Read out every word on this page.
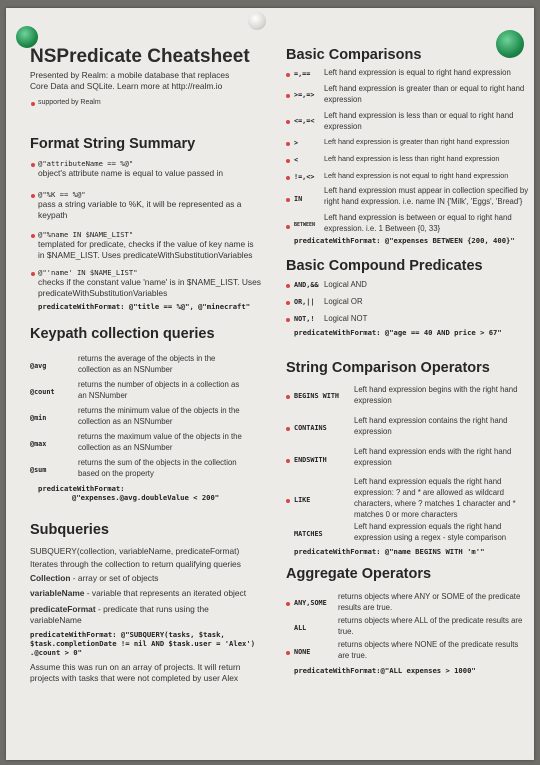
NSPredicate Cheatsheet
Presented by Realm: a mobile database that replaces
Core Data and SQLite. Learn more at http://realm.io
supported by Realm
Format String Summary
@"attributeName == %@"
object's attribute name is equal to value passed in
@"%K == %@"
pass a string variable to %K, it will be represented as a
keypath
@"%name IN $NAME_LIST"
templated for predicate, checks if the value of key name is
in $NAME_LIST. Uses predicateWithSubstitutionVariables
@"'name' IN $NAME_LIST"
checks if the constant value 'name' is in $NAME_LIST. Uses
predicateWithSubstitutionVariables
predicateWithFormat: @"title == %@", @"minecraft"
Keypath collection queries
@avg
returns the average of the objects in the
collection as an NSNumber
@count
returns the number of objects in a collection as
an NSNumber
@min
returns the minimum value of the objects in the
collection as an NSNumber
@max
returns the maximum value of the objects in the
collection as an NSNumber
@sum
returns the sum of the objects in the collection
based on the property
predicateWithFormat:
@"expenses.@avg.doubleValue < 200"
Subqueries
SUBQUERY(collection, variableName, predicateFormat)
Iterates through the collection to return qualifying queries
Collection - array or set of objects
variableName - variable that represents an iterated object
predicateFormat - predicate that runs using the
variableName
predicateWithFormat: @"SUBQUERY(tasks, $task,
$task.completionDate != nil AND $task.user = 'Alex')
.@count > 0"
Assume this was run on an array of projects. It will return
projects with tasks that were not completed by user Alex
Basic Comparisons
=,== Left hand expression is equal to right hand expression
>=,=>
Left hand expression is greater than or equal to right hand
expression
<=,=<
Left hand expression is less than or equal to right hand
expression
>	Left hand expression is greater than right hand expression
<	Left hand expression is less than right hand expression
!=,<> Left hand expression is not equal to right hand expression
IN
Left hand expression must appear in collection specified by
right hand expression. i.e. name IN {'Milk', 'Eggs', 'Bread'}
BETWEEN
Left hand expression is between or equal to right hand
expression. i.e. 1 Between {0, 33}
predicateWithFormat: @"expenses BETWEEN {200, 400}"
Basic Compound Predicates
AND,&& Logical AND
OR,|| Logical OR
NOT,! Logical NOT
predicateWithFormat: @"age == 40 AND price > 67"
String Comparison Operators
BEGINS WITH
Left hand expression begins with the right hand
expression
CONTAINS
Left hand expression contains the right hand
expression
ENDSWITH
Left hand expression ends with the right hand
expression
LIKE
Left hand expression equals the right hand
expression: ? and * are allowed as wildcard
characters, where ? matches 1 character and *
matches 0 or more characters
MATCHES
Left hand expression equals the right hand
expression using a regex - style comparison
predicateWithFormat: @"name BEGINS WITH 'm'"
Aggregate Operators
ANY,SOME
returns objects where ANY or SOME of the predicate
results are true.
ALL
returns objects where ALL of the predicate results are
true.
NONE
returns objects where NONE of the predicate results
are true.
predicateWithFormat:@"ALL expenses > 1000"
